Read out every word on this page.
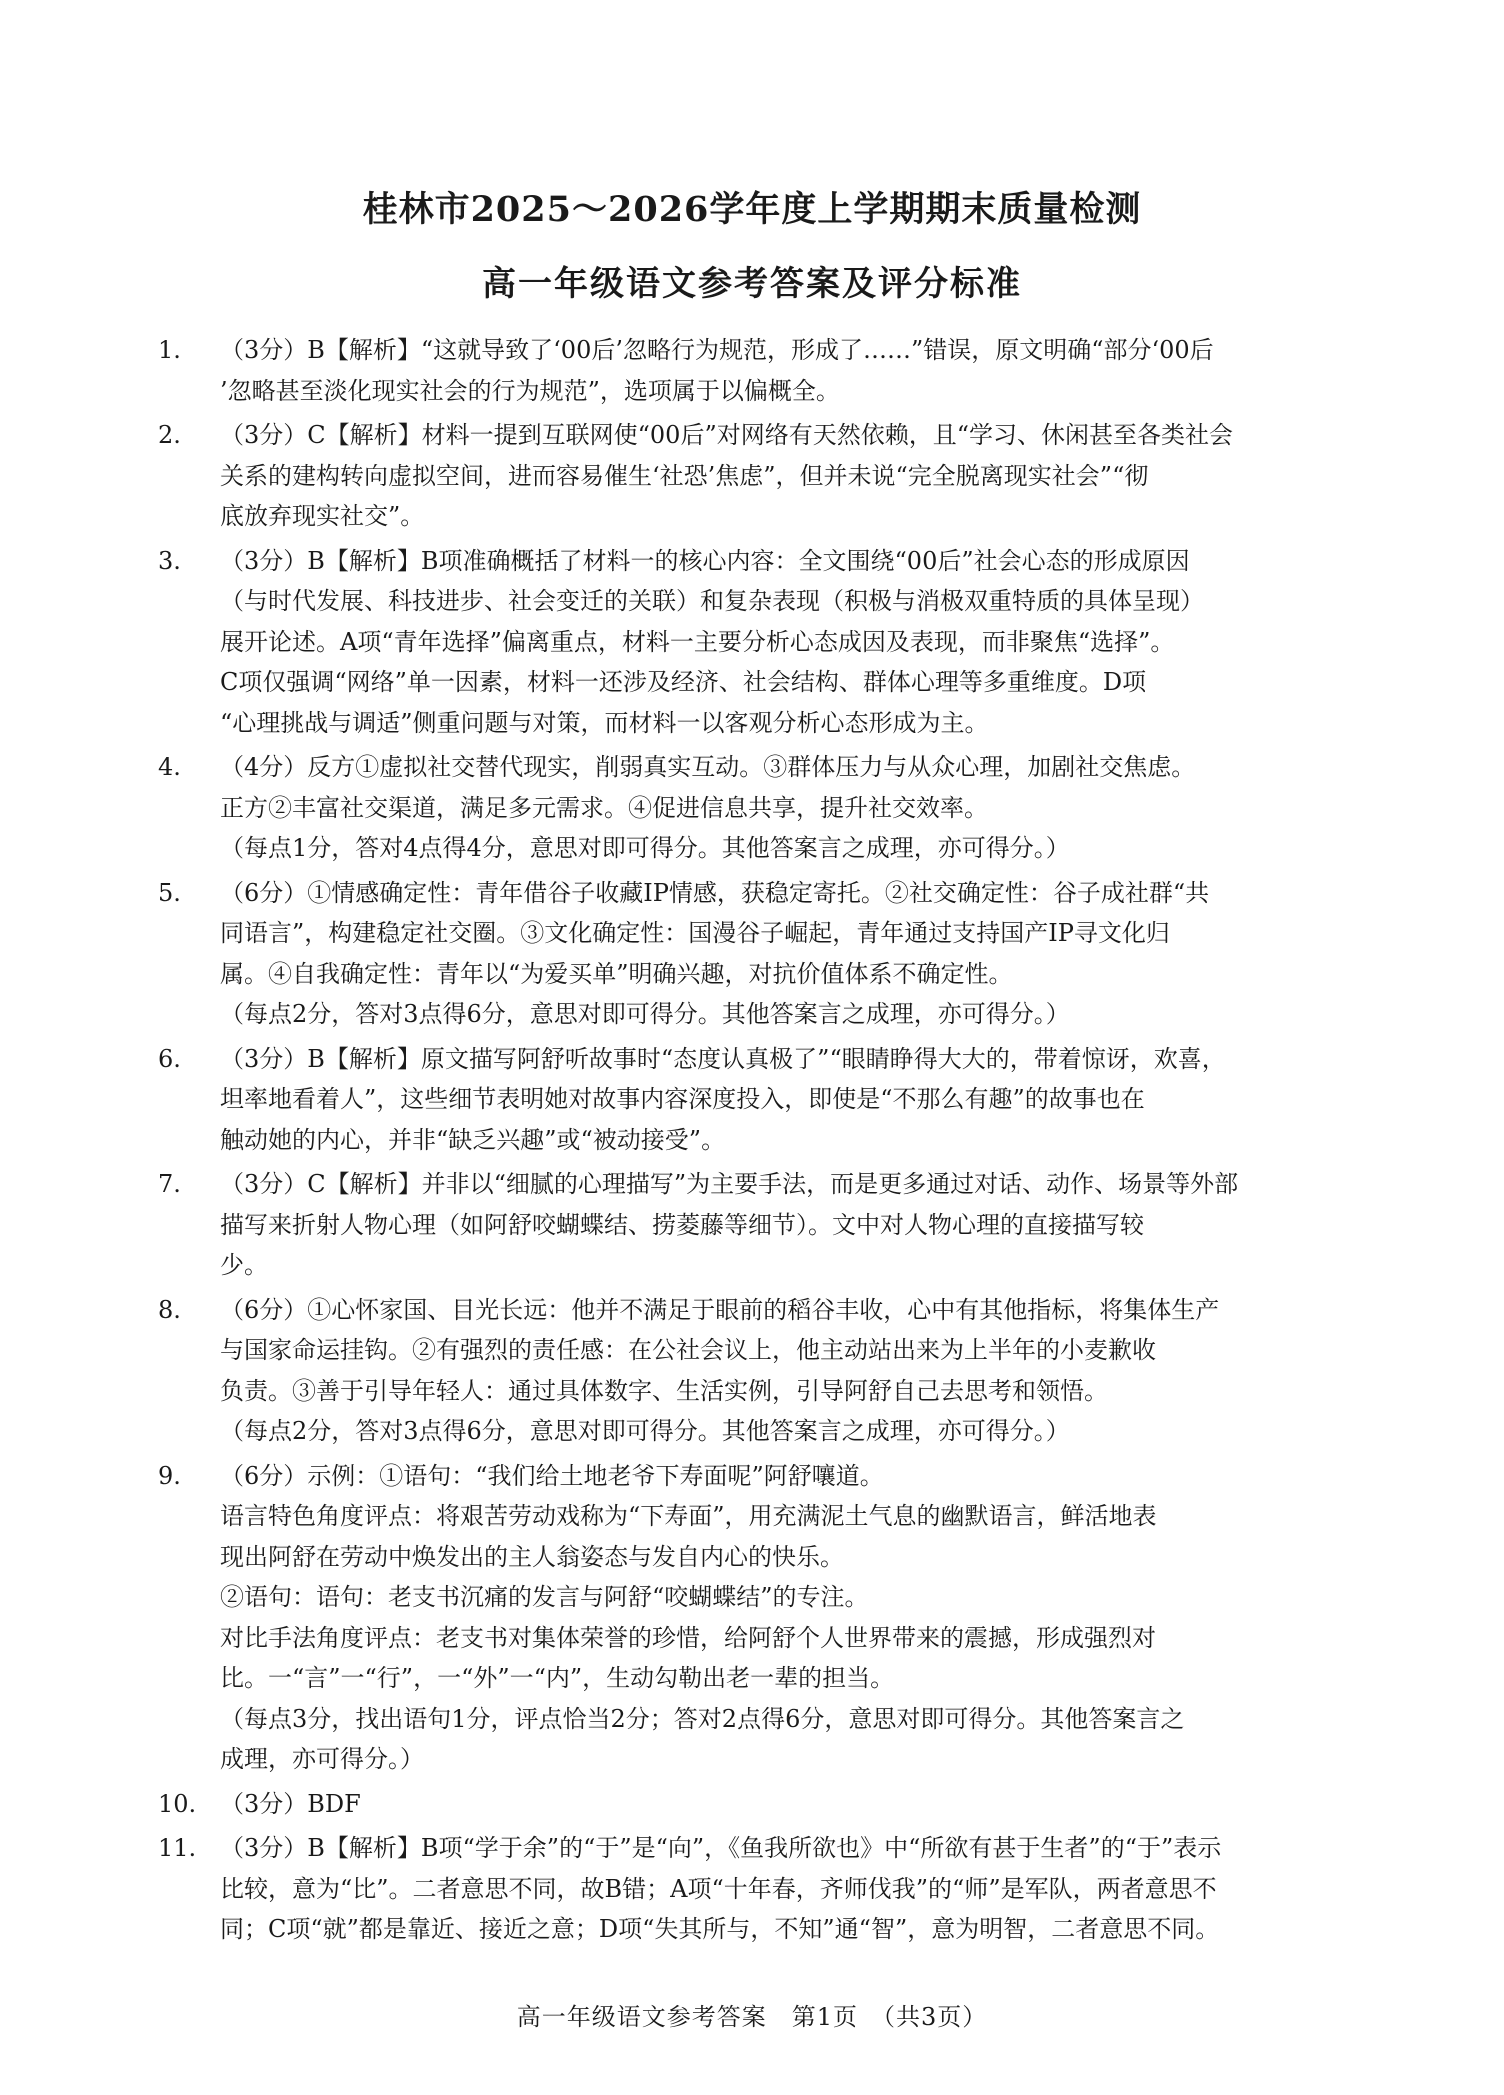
桂林市2025～2026学年度上学期期末质量检测
高一年级语文参考答案及评分标准
1. （3分）B【解析】“这就导致了‘00后’忽略行为规范，形成了……”错误，原文明确“部分‘00后
’忽略甚至淡化现实社会的行为规范”，选项属于以偏概全。
2. （3分）C【解析】材料一提到互联网使“00后”对网络有天然依赖，且“学习、休闲甚至各类社会
关系的建构转向虚拟空间，进而容易催生‘社恐’焦虑”，但并未说“完全脱离现实社会”“彻
底放弃现实社交”。
3. （3分）B【解析】B项准确概括了材料一的核心内容：全文围绕“00后”社会心态的形成原因
（与时代发展、科技进步、社会变迁的关联）和复杂表现（积极与消极双重特质的具体呈现）
展开论述。A项“青年选择”偏离重点，材料一主要分析心态成因及表现，而非聚焦“选择”。
C项仅强调“网络”单一因素，材料一还涉及经济、社会结构、群体心理等多重维度。D项
“心理挑战与调适”侧重问题与对策，而材料一以客观分析心态形成为主。
4. （4分）反方①虚拟社交替代现实，削弱真实互动。③群体压力与从众心理，加剧社交焦虑。
正方②丰富社交渠道，满足多元需求。④促进信息共享，提升社交效率。
（每点1分，答对4点得4分，意思对即可得分。其他答案言之成理，亦可得分。）
5. （6分）①情感确定性：青年借谷子收藏IP情感，获稳定寄托。②社交确定性：谷子成社群“共
同语言”，构建稳定社交圈。③文化确定性：国漫谷子崛起，青年通过支持国产IP寻文化归
属。④自我确定性：青年以“为爱买单”明确兴趣，对抗价值体系不确定性。
（每点2分，答对3点得6分，意思对即可得分。其他答案言之成理，亦可得分。）
6. （3分）B【解析】原文描写阿舒听故事时“态度认真极了”“眼睛睁得大大的，带着惊讶，欢喜，
坦率地看着人”，这些细节表明她对故事内容深度投入，即使是“不那么有趣”的故事也在
触动她的内心，并非“缺乏兴趣”或“被动接受”。
7. （3分）C【解析】并非以“细腻的心理描写”为主要手法，而是更多通过对话、动作、场景等外部
描写来折射人物心理（如阿舒咬蝴蝶结、捞菱藤等细节）。文中对人物心理的直接描写较
少。
8. （6分）①心怀家国、目光长远：他并不满足于眼前的稻谷丰收，心中有其他指标，将集体生产
与国家命运挂钩。②有强烈的责任感：在公社会议上，他主动站出来为上半年的小麦歉收
负责。③善于引导年轻人：通过具体数字、生活实例，引导阿舒自己去思考和领悟。
（每点2分，答对3点得6分，意思对即可得分。其他答案言之成理，亦可得分。）
9. （6分）示例：①语句：“我们给土地老爷下寿面呢”阿舒嚷道。
语言特色角度评点：将艰苦劳动戏称为“下寿面”，用充满泥土气息的幽默语言，鲜活地表
现出阿舒在劳动中焕发出的主人翁姿态与发自内心的快乐。
②语句：语句：老支书沉痛的发言与阿舒“咬蝴蝶结”的专注。
对比手法角度评点：老支书对集体荣誉的珍惜，给阿舒个人世界带来的震撼，形成强烈对
比。一“言”一“行”，一“外”一“内”，生动勾勒出老一辈的担当。
（每点3分，找出语句1分，评点恰当2分；答对2点得6分，意思对即可得分。其他答案言之
成理，亦可得分。）
10. （3分）BDF
11. （3分）B【解析】B项“学于余”的“于”是“向”，《鱼我所欲也》中“所欲有甚于生者”的“于”表示
比较，意为“比”。二者意思不同，故B错；A项“十年春，齐师伐我”的“师”是军队，两者意思不
同；C项“就”都是靠近、接近之意；D项“失其所与，不知”通“智”，意为明智，二者意思不同。
高一年级语文参考答案　第1页　（共3页）
